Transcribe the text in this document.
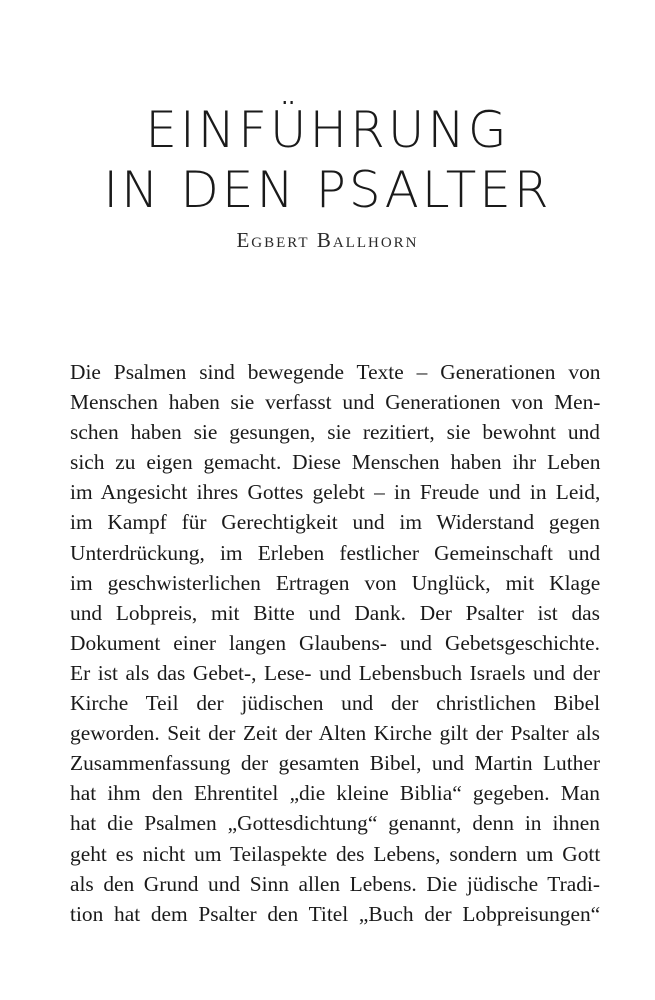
EINFÜHRUNG
IN DEN PSALTER
Egbert Ballhorn
Die Psalmen sind bewegende Texte – Generationen von
Menschen haben sie verfasst und Generationen von Men-
schen haben sie gesungen, sie rezitiert, sie bewohnt und
sich zu eigen gemacht. Diese Menschen haben ihr Leben
im Angesicht ihres Gottes gelebt – in Freude und in Leid,
im Kampf für Gerechtigkeit und im Widerstand gegen
Unterdrückung, im Erleben festlicher Gemeinschaft und
im geschwisterlichen Ertragen von Unglück, mit Klage
und Lobpreis, mit Bitte und Dank. Der Psalter ist das
Dokument einer langen Glaubens- und Gebetsgeschichte.
Er ist als das Gebet-, Lese- und Lebensbuch Israels und der
Kirche Teil der jüdischen und der christlichen Bibel
geworden. Seit der Zeit der Alten Kirche gilt der Psalter als
Zusammenfassung der gesamten Bibel, und Martin Luther
hat ihm den Ehrentitel „die kleine Biblia“ gegeben. Man
hat die Psalmen „Gottesdichtung“ genannt, denn in ihnen
geht es nicht um Teilaspekte des Lebens, sondern um Gott
als den Grund und Sinn allen Lebens. Die jüdische Tradi-
tion hat dem Psalter den Titel „Buch der Lobpreisungen“
